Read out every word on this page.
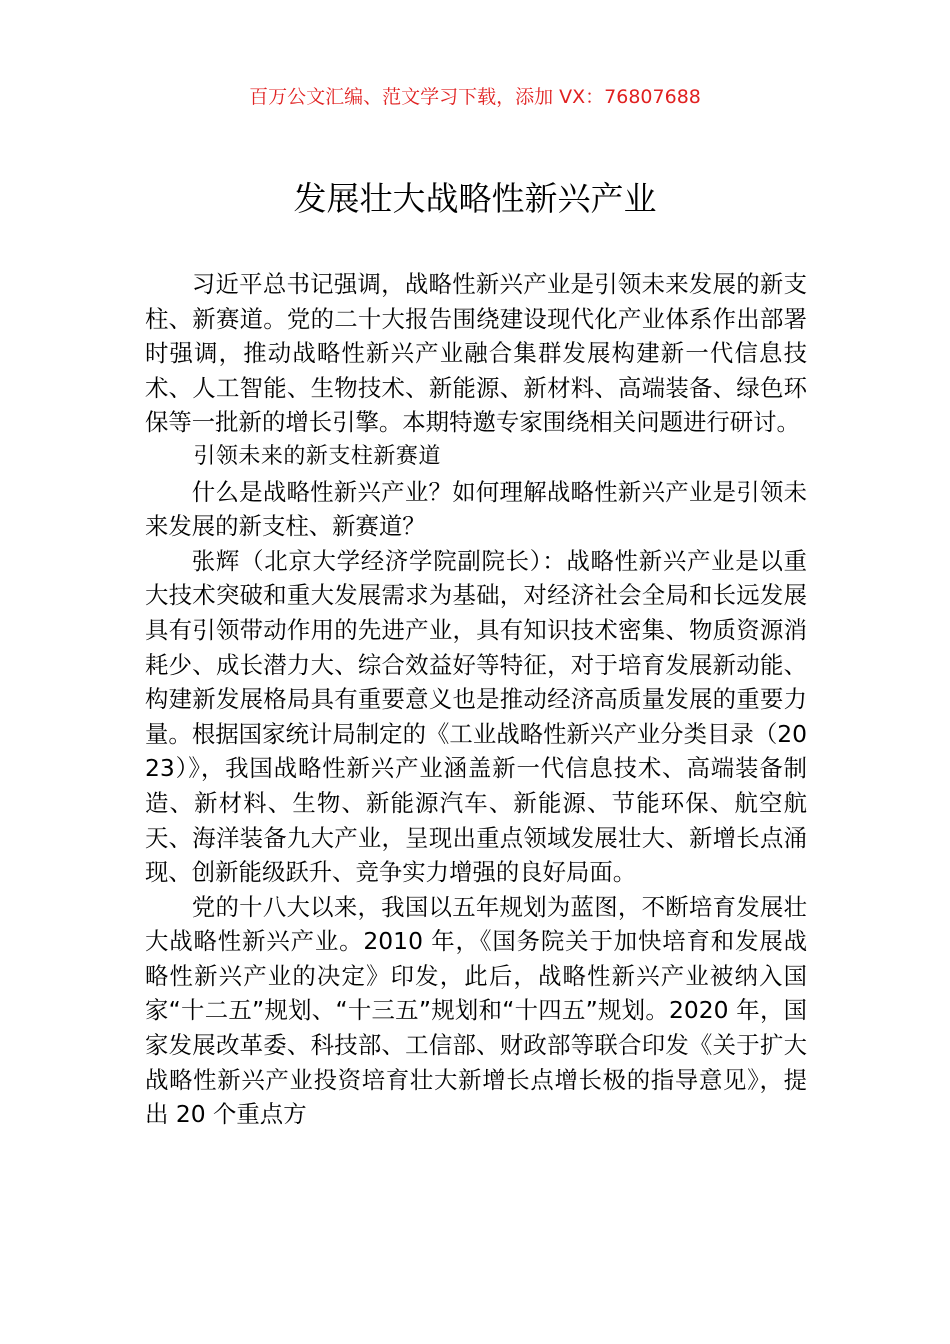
百万公文汇编、范文学习下载，添加 VX：76807688
发展壮大战略性新兴产业

习近平总书记强调，战略性新兴产业是引领未来发展的新支柱、新赛道。党的二十大报告围绕建设现代化产业体系作出部署时强调，推动战略性新兴产业融合集群发展构建新一代信息技术、人工智能、生物技术、新能源、新材料、高端装备、绿色环保等一批新的增长引擎。本期特邀专家围绕相关问题进行研讨。

引领未来的新支柱新赛道

什么是战略性新兴产业？如何理解战略性新兴产业是引领未来发展的新支柱、新赛道？

张辉（北京大学经济学院副院长）：战略性新兴产业是以重大技术突破和重大发展需求为基础，对经济社会全局和长远发展具有引领带动作用的先进产业，具有知识技术密集、物质资源消耗少、成长潜力大、综合效益好等特征，对于培育发展新动能、构建新发展格局具有重要意义也是推动经济高质量发展的重要力量。根据国家统计局制定的《工业战略性新兴产业分类目录（2023）》，我国战略性新兴产业涵盖新一代信息技术、高端装备制造、新材料、生物、新能源汽车、新能源、节能环保、航空航天、海洋装备九大产业，呈现出重点领域发展壮大、新增长点涌现、创新能级跃升、竞争实力增强的良好局面。

党的十八大以来，我国以五年规划为蓝图，不断培育发展壮大战略性新兴产业。2010 年，《国务院关于加快培育和发展战略性新兴产业的决定》印发，此后，战略性新兴产业被纳入国家“十二五”规划、“十三五”规划和“十四五”规划。2020 年，国家发展改革委、科技部、工信部、财政部等联合印发《关于扩大战略性新兴产业投资培育壮大新增长点增长极的指导意见》，提出 20 个重点方
